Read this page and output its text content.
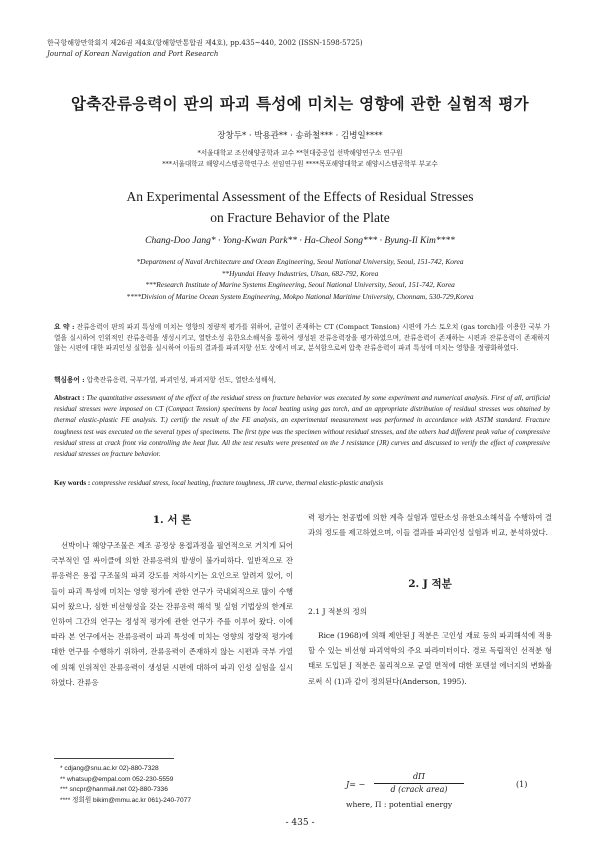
한국항해항만학회지 제26권 제4호(항해항만통합권 제4호), pp.435~440, 2002 (ISSN-1598-5725)
Journal of Korean Navigation and Port Research
압축잔류응력이 판의 파괴 특성에 미치는 영향에 관한 실험적 평가
장창두* · 박용관** · 송하철*** · 김병일****
*서울대학교 조선해양공학과 교수 **현대중공업 선박해양연구소 연구원
***서울대학교 해양시스템공학연구소 선임연구원 ****목포해양대학교 해양시스템공학부 부교수
An Experimental Assessment of the Effects of Residual Stresses
on Fracture Behavior of the Plate
Chang-Doo Jang* · Yong-Kwan Park** · Ha-Cheol Song*** · Byung-Il Kim****
*Department of Naval Architecture and Ocean Engineering, Seoul National University, Seoul, 151-742, Korea
**Hyundai Heavy Industries, Ulsan, 682-792, Korea
***Research Institute of Marine Systems Engineering, Seoul National University, Seoul, 151-742, Korea
****Division of Marine Ocean System Engineering, Mokpo National Maritime University, Chonnam, 530-729,Korea
요 약 : 잔류응력이 판의 파괴 특성에 미치는 영향의 정량적 평가를 위하여, 균열이 존재하는 CT (Compact Tension) 시편에 가스 토오치 (gas torch)를 이용한 국부 가열을 실시하여 인위적인 잔류응력을 생성시키고, 열탄소성 유한요소해석을 통하여 생성된 잔류응력장을 평가하였으며, 잔류응력이 존재하는 시편과 잔류응력이 존재하지 않는 시편에 대한 파괴인성 실험을 실시하여 이들의 결과를 파괴저항 선도 상에서 비교, 분석함으로써 압축 잔류응력이 파괴 특성에 미치는 영향을 정량화하였다.
핵심용어 : 압축잔류응력, 국부가열, 파괴인성, 파괴저항 선도, 열탄소성해석,
Abstract : The quantitative assessment of the effect of the residual stress on fracture behavior was executed by some experiment and numerical analysis. First of all, artificial residual stresses were imposed on CT (Compact Tension) specimens by local heating using gas torch, and an appropriate distribution of residual stresses was obtained by thermal elastic-plastic FE analysis. T.) certify the result of the FE analysis, an experimental measurement was performed in accordance with ASTM standard. Fracture toughness test was executed on the several types of specimens. The first type was the specimen without residual stresses, and the others had different peak value of compressive residual stress at crack front via controlling the heat flux. All the test results were presented on the J resistance (JR) curves and discussed to verify the effect of compressive residual stresses on fracture behavior.
Key words : compressive residual stress, local heating, fracture toughness, JR curve, thermal elastic-plastic analysis
1. 서 론
선박이나 해양구조물은 제조 공정상 용접과정을 필연적으로 거치게 되어 국부적인 열 싸이클에 의한 잔류응력의 발생이 불가피하다. 일반적으로 잔류응력은 용접 구조물의 파괴 강도를 저하시키는 요인으로 알려져 있어, 이들이 파괴 특성에 미치는 영향 평가에 관한 연구가 국내외적으로 많이 수행되어 왔으나, 심한 비선형성을 갖는 잔류응력 해석 및 실험 기법상의 한계로 인하여 그간의 연구는 정성적 평가에 관한 연구가 주를 이루어 왔다. 이에 따라 본 연구에서는 잔류응력이 파괴 특성에 미치는 영향의 정량적 평가에 대한 연구를 수행하기 위하여, 잔류응력이 존재하지 않는 시편과 국부 가열에 의해 인위적인 잔류응력이 생성된 시편에 대하여 파괴 인성 실험을 실시하였다. 잔류응
력 평가는 천공법에 의한 계측 실험과 열탄소성 유한요소해석을 수행하여 결과의 정도를 제고하였으며, 이들 결과를 파괴인성 실험과 비교, 분석하였다.
2. J 적분
2.1 J 적분의 정의
Rice (1968)에 의해 제안된 J 적분은 고인성 재료 등의 파괴해석에 적용할 수 있는 비선형 파괴역학의 주요 파라미터이다. 경로 독립적인 선적분 형태로 도입된 J 적분은 물리적으로 균열 면적에 대한 포텐셜 에너지의 변화율로써 식 (1)과 같이 정의된다(Anderson, 1995).
J= −
dΠ
d (crack area)
(1)
where, Π : potential energy
* cdjang@snu.ac.kr 02)-880-7328
** whatsup@empal.com 052-230-5559
*** sncpr@hanmail.net 02)-880-7336
**** 정회원 bikim@mmu.ac.kr 061)-240-7077
- 435 -
